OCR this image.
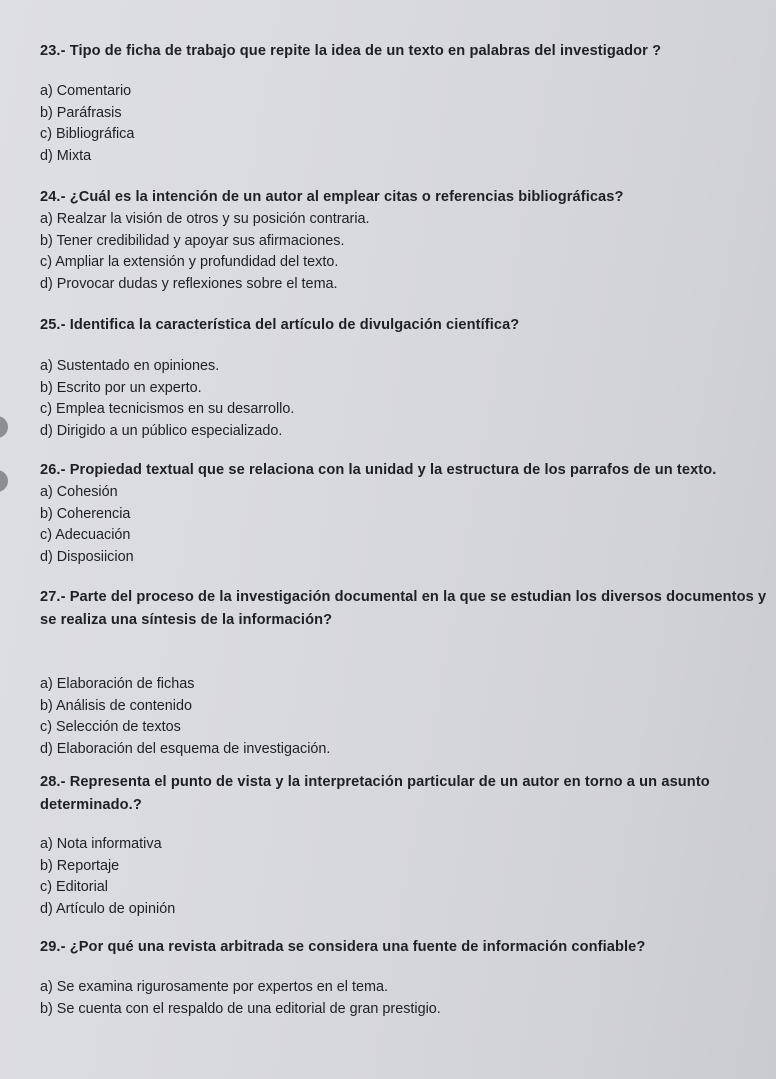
23.- Tipo de ficha de trabajo que repite la idea de un texto en palabras del investigador ?

a) Comentario
b) Paráfrasis
c) Bibliográfica
d) Mixta

24.- ¿Cuál es la intención de un autor al emplear citas o referencias bibliográficas?

a) Realzar la visión de otros y su posición contraria.
b) Tener credibilidad y apoyar sus afirmaciones.
c) Ampliar la extensión y profundidad del texto.
d) Provocar dudas y reflexiones sobre el tema.

25.- Identifica la característica del artículo de divulgación científica?

a) Sustentado en opiniones.
b) Escrito por un experto.
c) Emplea tecnicismos en su desarrollo.
d) Dirigido a un público especializado.

26.- Propiedad textual que se relaciona con la unidad y la estructura de los parrafos de un texto.

a) Cohesión
b) Coherencia
c) Adecuación
d) Disposiicion

27.- Parte del proceso de la investigación documental en la que se estudian los diversos documentos y se realiza una síntesis de la información?

a) Elaboración de fichas
b) Análisis de contenido
c) Selección de textos
d) Elaboración del esquema de investigación.

28.- Representa el punto de vista y la interpretación particular de un autor en torno a un asunto determinado.?

a) Nota informativa
b) Reportaje
c) Editorial
d) Artículo de opinión

29.- ¿Por qué una revista arbitrada se considera una fuente de información confiable?

a) Se examina rigurosamente por expertos en el tema.
b) Se cuenta con el respaldo de una editorial de gran prestigio.
